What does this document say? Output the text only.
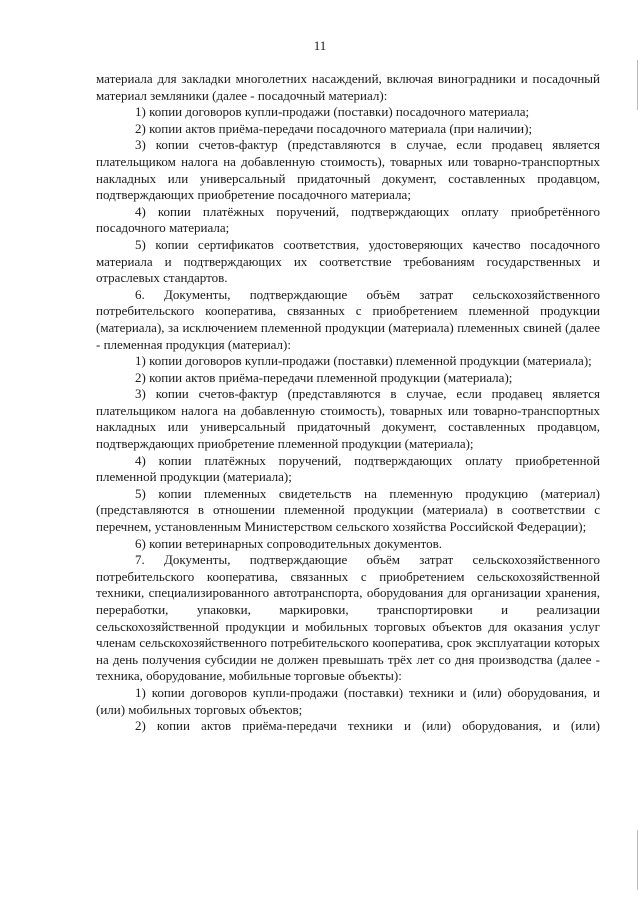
11

материала для закладки многолетних насаждений, включая виноградники и посадочный материал земляники (далее - посадочный материал):

1) копии договоров купли-продажи (поставки) посадочного материала;

2) копии актов приёма-передачи посадочного материала (при наличии);

3) копии счетов-фактур (представляются в случае, если продавец является плательщиком налога на добавленную стоимость), товарных или товарно-транспортных накладных или универсальный придаточный документ, составленных продавцом, подтверждающих приобретение посадочного материала;

4) копии платёжных поручений, подтверждающих оплату приобретённого посадочного материала;

5) копии сертификатов соответствия, удостоверяющих качество посадочного материала и подтверждающих их соответствие требованиям государственных и отраслевых стандартов.

6. Документы, подтверждающие объём затрат сельскохозяйственного потребительского кооператива, связанных с приобретением племенной продукции (материала), за исключением племенной продукции (материала) племенных свиней (далее - племенная продукция (материал):

1) копии договоров купли-продажи (поставки) племенной продукции (материала);

2) копии актов приёма-передачи племенной продукции (материала);

3) копии счетов-фактур (представляются в случае, если продавец является плательщиком налога на добавленную стоимость), товарных или товарно-транспортных накладных или универсальный придаточный документ, составленных продавцом, подтверждающих приобретение племенной продукции (материала);

4) копии платёжных поручений, подтверждающих оплату приобретенной племенной продукции (материала);

5) копии племенных свидетельств на племенную продукцию (материал) (представляются в отношении племенной продукции (материала) в соответствии с перечнем, установленным Министерством сельского хозяйства Российской Федерации);

6) копии ветеринарных сопроводительных документов.

7. Документы, подтверждающие объём затрат сельскохозяйственного потребительского кооператива, связанных с приобретением сельскохозяйственной техники, специализированного автотранспорта, оборудования для организации хранения, переработки, упаковки, маркировки, транспортировки и реализации сельскохозяйственной продукции и мобильных торговых объектов для оказания услуг членам сельскохозяйственного потребительского кооператива, срок эксплуатации которых на день получения субсидии не должен превышать трёх лет со дня производства (далее - техника, оборудование, мобильные торговые объекты):

1) копии договоров купли-продажи (поставки) техники и (или) оборудования, и (или) мобильных торговых объектов;

2) копии актов приёма-передачи техники и (или) оборудования, и (или)
